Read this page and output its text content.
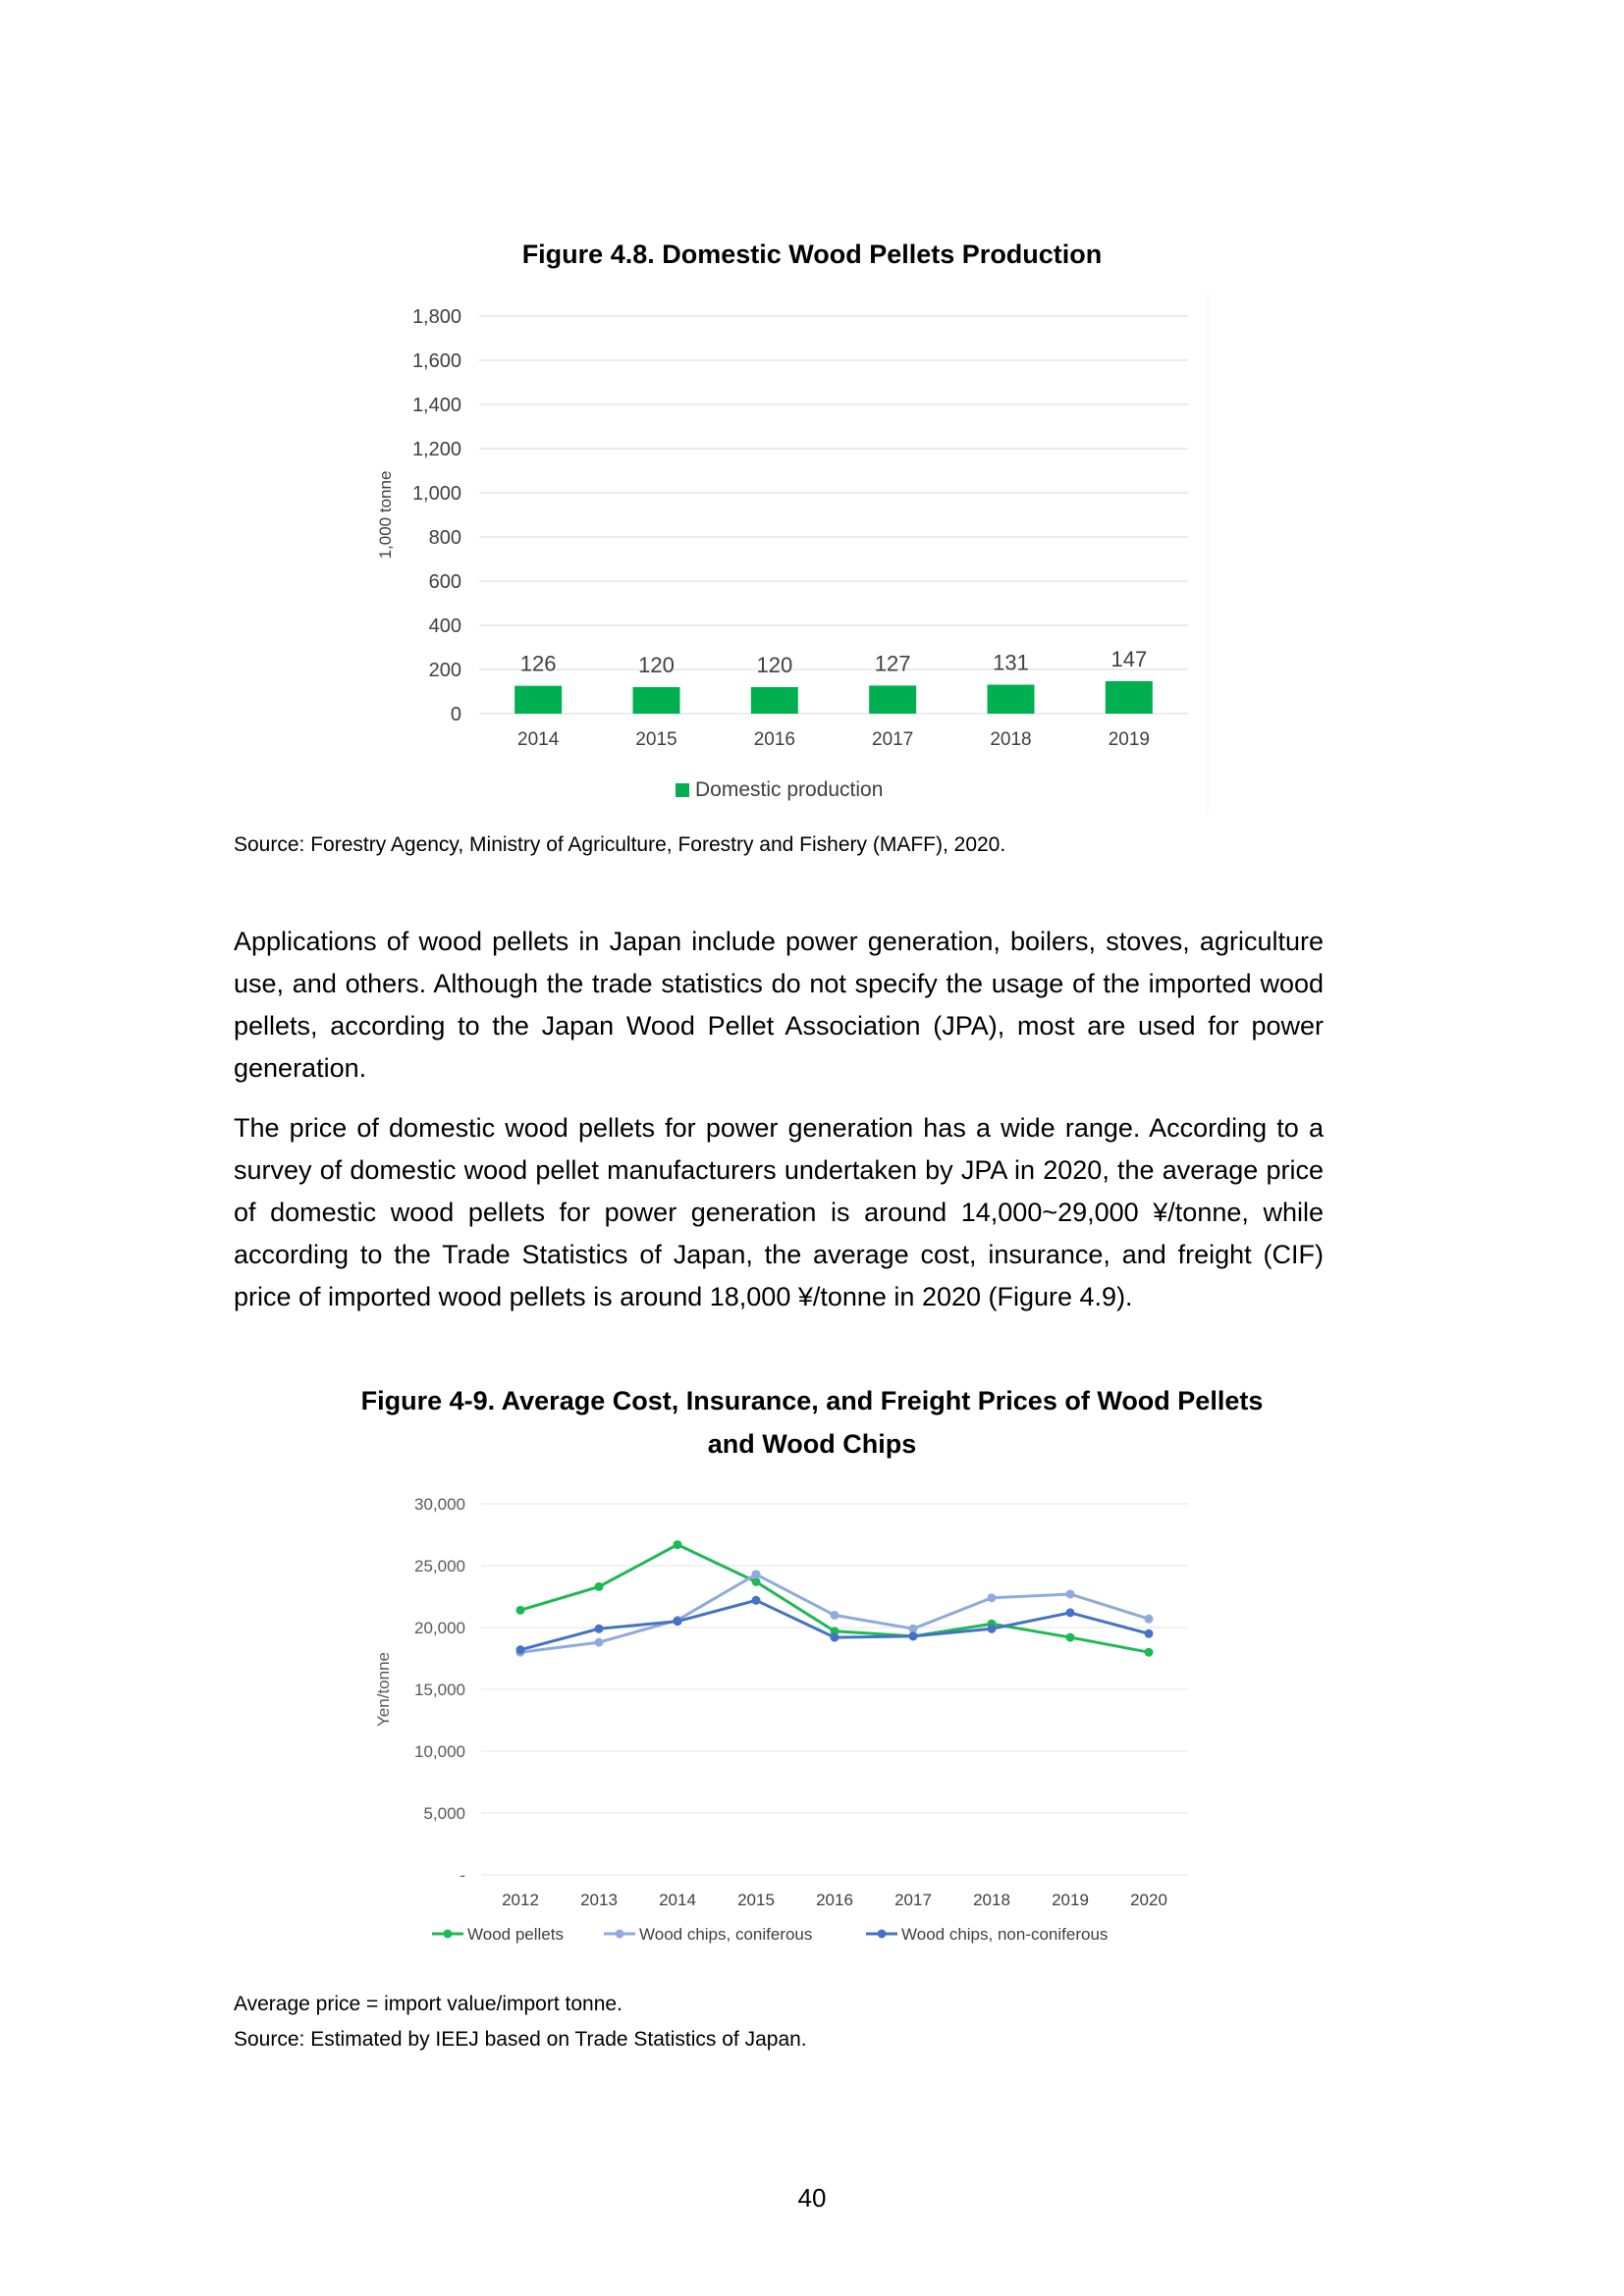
Figure 4.8. Domestic Wood Pellets Production
0
200
400
600
800
1,000
1,200
1,400
1,600
1,800
1,000 tonne
126
2014
120
2015
120
2016
127
2017
131
2018
147
2019
Domestic production
Source: Forestry Agency, Ministry of Agriculture, Forestry and Fishery (MAFF), 2020.
Applications of wood pellets in Japan include power generation, boilers, stoves, agriculture use, and others. Although the trade statistics do not specify the usage of the imported wood pellets, according to the Japan Wood Pellet Association (JPA), most are used for power generation.
The price of domestic wood pellets for power generation has a wide range. According to a survey of domestic wood pellet manufacturers undertaken by JPA in 2020, the average price of domestic wood pellets for power generation is around 14,000~29,000 ¥/tonne, while according to the Trade Statistics of Japan, the average cost, insurance, and freight (CIF) price of imported wood pellets is around 18,000 ¥/tonne in 2020 (Figure 4.9).
Figure 4-9. Average Cost, Insurance, and Freight Prices of Wood Pellets
and Wood Chips
-
5,000
10,000
15,000
20,000
25,000
30,000
Yen/tonne
2012 2013 2014 2015 2016 2017 2018 2019 2020
Wood pellets	Wood chips, coniferous	Wood chips, non-coniferous
Average price = import value/import tonne.
Source: Estimated by IEEJ based on Trade Statistics of Japan.
40
